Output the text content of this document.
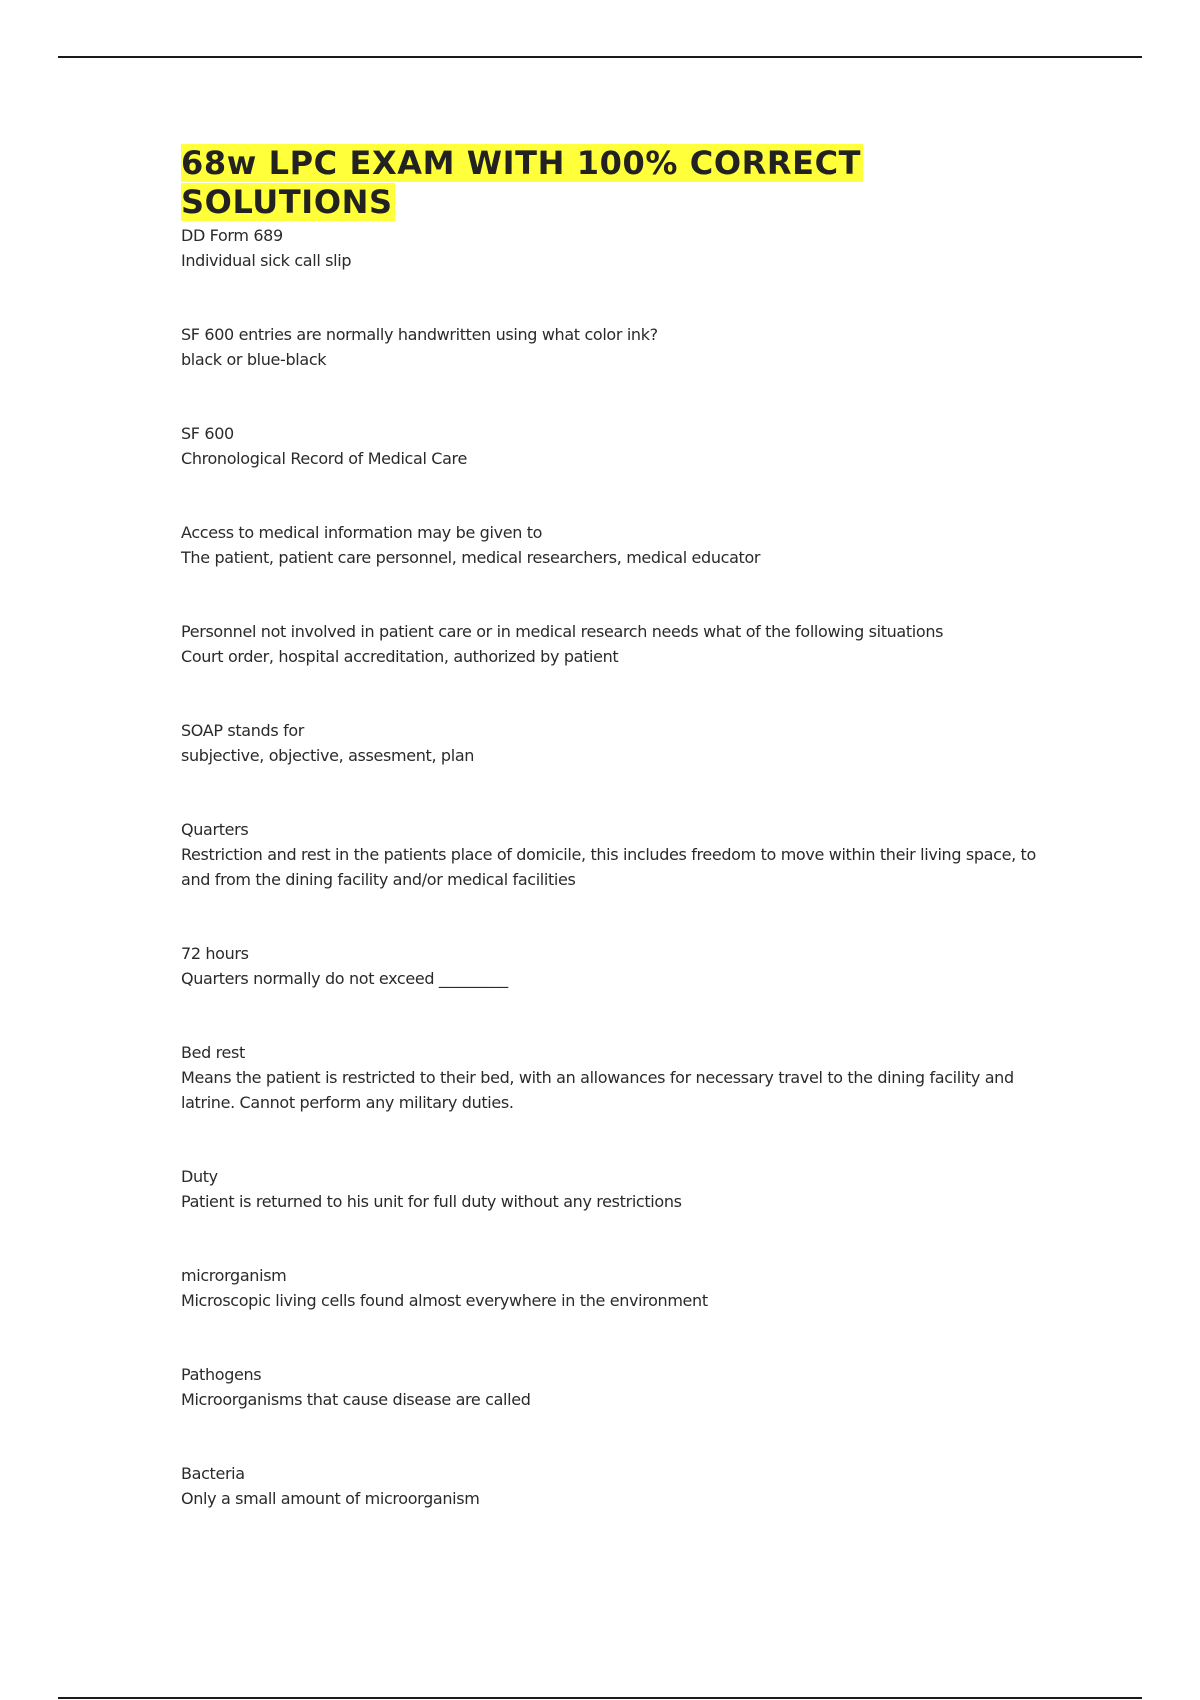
68w LPC EXAM WITH 100% CORRECT
SOLUTIONS

DD Form 689

Individual sick call slip

SF 600 entries are normally handwritten using what color ink?

black or blue-black

SF 600

Chronological Record of Medical Care

Access to medical information may be given to

The patient, patient care personnel, medical researchers, medical educator

Personnel not involved in patient care or in medical research needs what of the following situations

Court order, hospital accreditation, authorized by patient

SOAP stands for

subjective, objective, assesment, plan

Quarters

Restriction and rest in the patients place of domicile, this includes freedom to move within their living space, to and from the dining facility and/or medical facilities

72 hours

Quarters normally do not exceed _________

Bed rest

Means the patient is restricted to their bed, with an allowances for necessary travel to the dining facility and latrine. Cannot perform any military duties.

Duty

Patient is returned to his unit for full duty without any restrictions

microrganism

Microscopic living cells found almost everywhere in the environment

Pathogens

Microorganisms that cause disease are called

Bacteria

Only a small amount of microorganism
